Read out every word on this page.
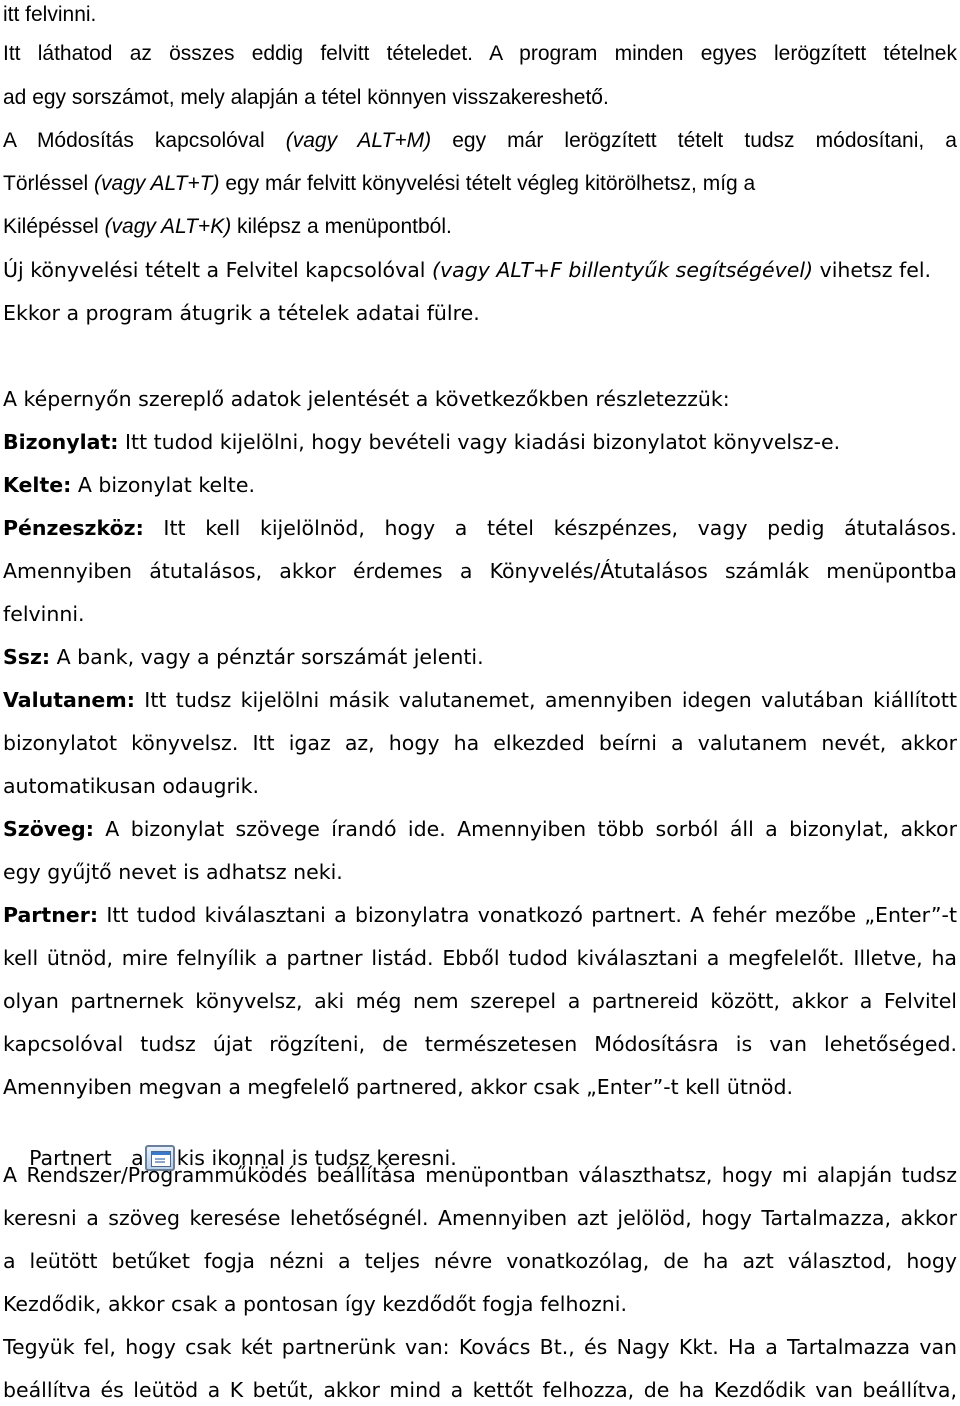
itt felvinni.
Itt láthatod az összes eddig felvitt tételedet. A program minden egyes lerögzített tételnek
ad egy sorszámot, mely alapján a tétel könnyen visszakereshető.
A Módosítás kapcsolóval (vagy ALT+M) egy már lerögzített tételt tudsz módosítani, a
Törléssel (vagy ALT+T) egy már felvitt könyvelési tételt végleg kitörölhetsz, míg a
Kilépéssel (vagy ALT+K) kilépsz a menüpontból.
Új könyvelési tételt a Felvitel kapcsolóval (vagy ALT+F billentyűk segítségével) vihetsz fel.
Ekkor a program átugrik a tételek adatai fülre.
A képernyőn szereplő adatok jelentését a következőkben részletezzük:
Bizonylat: Itt tudod kijelölni, hogy bevételi vagy kiadási bizonylatot könyvelsz-e.
Kelte: A bizonylat kelte.
Pénzeszköz: Itt kell kijelölnöd, hogy a tétel készpénzes, vagy pedig átutalásos.
Amennyiben átutalásos, akkor érdemes a Könyvelés/Átutalásos számlák menüpontba
felvinni.
Ssz: A bank, vagy a pénztár sorszámát jelenti.
Valutanem: Itt tudsz kijelölni másik valutanemet, amennyiben idegen valutában kiállított
bizonylatot könyvelsz. Itt igaz az, hogy ha elkezded beírni a valutanem nevét, akkor
automatikusan odaugrik.
Szöveg: A bizonylat szövege írandó ide. Amennyiben több sorból áll a bizonylat, akkor
egy gyűjtő nevet is adhatsz neki.
Partner: Itt tudod kiválasztani a bizonylatra vonatkozó partnert. A fehér mezőbe „Enter”-t
kell ütnöd, mire felnyílik a partner listád. Ebből tudod kiválasztani a megfelelőt. Illetve, ha
olyan partnernek könyvelsz, aki még nem szerepel a partnereid között, akkor a Felvitel
kapcsolóval tudsz újat rögzíteni, de természetesen Módosításra is van lehetőséged.
Amennyiben megvan a megfelelő partnered, akkor csak „Enter”-t kell ütnöd.

Partnert   a kis ikonnal is tudsz keresni.

A Rendszer/Programműködés beállítása menüpontban választhatsz, hogy mi alapján tudsz
keresni a szöveg keresése lehetőségnél. Amennyiben azt jelölöd, hogy Tartalmazza, akkor
a leütött betűket fogja nézni a teljes névre vonatkozólag, de ha azt választod, hogy
Kezdődik, akkor csak a pontosan így kezdődőt fogja felhozni.
Tegyük fel, hogy csak két partnerünk van: Kovács Bt., és Nagy Kkt. Ha a Tartalmazza van
beállítva és leütöd a K betűt, akkor mind a kettőt felhozza, de ha Kezdődik van beállítva,
